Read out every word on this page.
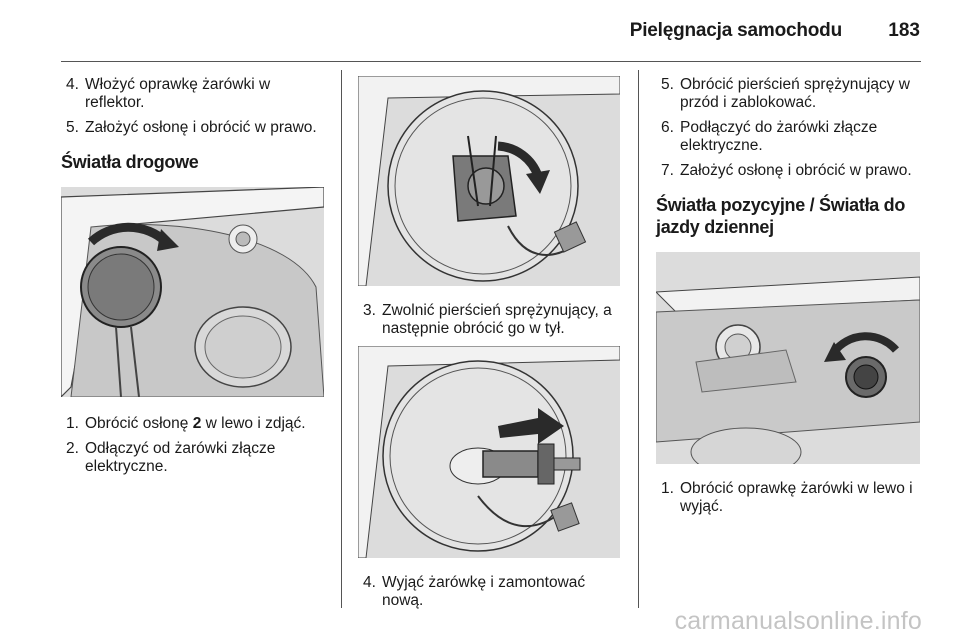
Pielęgnacja samochodu 183
4. Włożyć oprawkę żarówki w reflektor.
5. Założyć osłonę i obrócić w prawo.
Światła drogowe
1. Obrócić osłonę 2 w lewo i zdjąć.
2. Odłączyć od żarówki złącze elektryczne.
3. Zwolnić pierścień sprężynujący, a następnie obrócić go w tył.
4. Wyjąć żarówkę i zamontować nową.
5. Obrócić pierścień sprężynujący w przód i zablokować.
6. Podłączyć do żarówki złącze elektryczne.
7. Założyć osłonę i obrócić w prawo.
Światła pozycyjne / Światła do jazdy dziennej
1. Obrócić oprawkę żarówki w lewo i wyjąć.
carmanualsonline.info
